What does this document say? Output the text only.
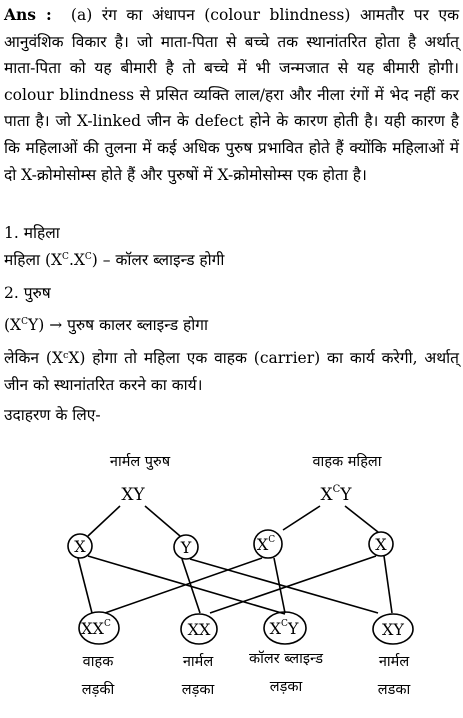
Ans : (a) रंग का अंधापन (colour blindness) आमतौर पर एक आनुवंशिक विकार है। जो माता-पिता से बच्चे तक स्थानांतरित होता है अर्थात् माता-पिता को यह बीमारी है तो बच्चे में भी जन्मजात से यह बीमारी होगी। colour blindness से प्रसित व्यक्ति लाल/हरा और नीला रंगों में भेद नहीं कर पाता है। जो X-linked जीन के defect होने के कारण होती है। यही कारण है कि महिलाओं की तुलना में कई अधिक पुरुष प्रभावित होते हैं क्योंकि महिलाओं में दो X-क्रोमोसोम्स होते हैं और पुरुषों में X-क्रोमोसोम्स एक होता है।
1. महिला
महिला $(X^C.X^C)$ – कॉलर ब्लाइन्ड होगी
2. पुरुष
$(X^CY)$ → पुरुष कालर ब्लाइन्ड होगा
लेकिन (XᶜX) होगा तो महिला एक वाहक (carrier) का कार्य करेगी, अर्थात् जीन को स्थानांतरित करने का कार्य।
उदाहरण के लिए-
नार्मल पुरुष	वाहक महिला
XY	$X^CY$
X	Y	$X^C$	X
$XX^C$	XX	$X^CY$	XY
वाहक
लड़की
नार्मल
लड़का
कॉलर ब्लाइन्ड
लड़का
नार्मल
लडका
